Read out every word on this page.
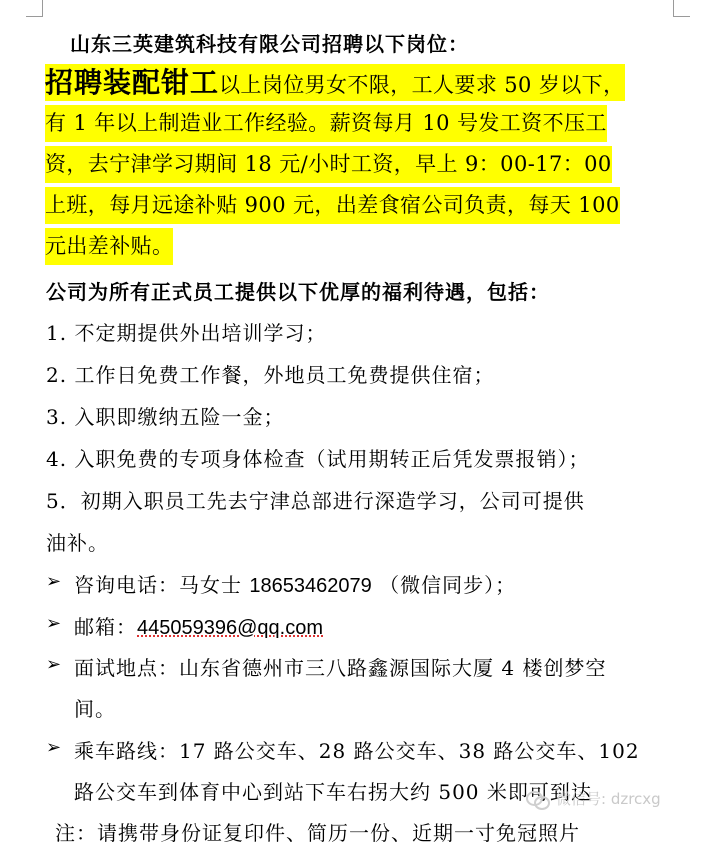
山东三英建筑科技有限公司招聘以下岗位：
招聘装配钳工以上岗位男女不限，工人要求 50 岁以下，
有 1 年以上制造业工作经验。薪资每月 10 号发工资不压工
资，去宁津学习期间 18 元/小时工资，早上 9：00-17：00
上班，每月远途补贴 900 元，出差食宿公司负责，每天 100
元出差补贴。
公司为所有正式员工提供以下优厚的福利待遇，包括：
1. 不定期提供外出培训学习；
2. 工作日免费工作餐，外地员工免费提供住宿；
3. 入职即缴纳五险一金；
4. 入职免费的专项身体检查（试用期转正后凭发票报销）；
5．初期入职员工先去宁津总部进行深造学习，公司可提供
油补。
➢ 咨询电话：马女士 18653462079 （微信同步）；
➢ 邮箱：445059396@qq.com
➢ 面试地点：山东省德州市三八路鑫源国际大厦 4 楼创梦空
间。
➢ 乘车路线：17 路公交车、28 路公交车、38 路公交车、102
路公交车到体育中心到站下车右拐大约 500 米即可到达
注：请携带身份证复印件、简历一份、近期一寸免冠照片
微信号: dzrcxg
